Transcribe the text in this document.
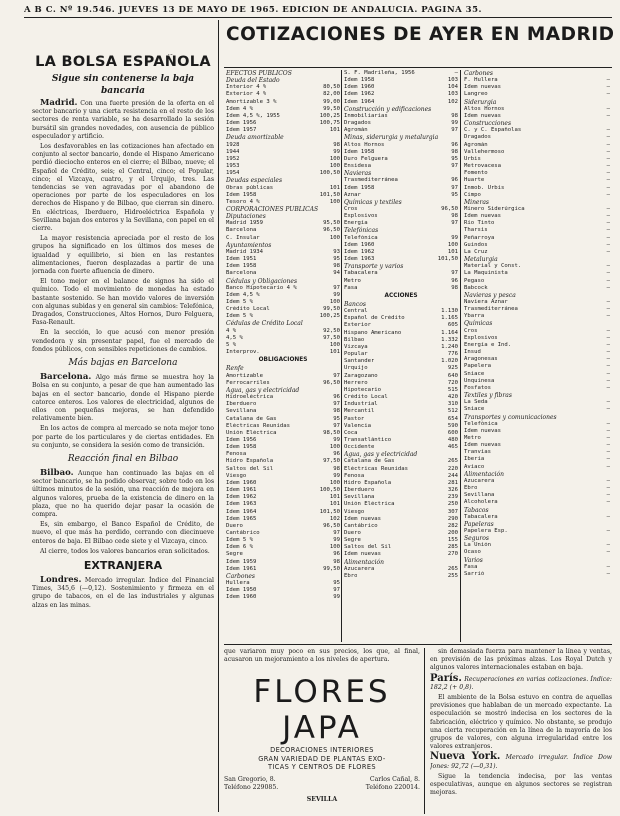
A B C. Nº 19.546. JUEVES 13 DE MAYO DE 1965. EDICION DE ANDALUCIA. PAGINA 35.
LA BOLSA ESPAÑOLA
Sigue sin contenerse la baja bancaria

Madrid. Con una fuerte presión de la oferta en el sector bancario y una cierta resistencia en el resto de los sectores de renta variable, se ha desarrollado la sesión bursátil sin grandes novedades, con ausencia de público especulador y artificio.

Los desfavorables en las cotizaciones han afectado en conjunto al sector bancario, donde el Hispano Americano perdió dieciocho enteros en el cierre; el Bilbao, nueve; el Español de Crédito, seis; el Central, cinco; el Popular, cinco; el Vizcaya, cuatro, y el Urquijo, tres. Las tendencias se ven agravadas por el abandono de operaciones por parte de los especuladores en los derechos de Hispano y de Bilbao, que cierran sin dinero. En eléctricas, Iberduero, Hidroeléctrica Española y Sevillana bajan dos enteros y la Sevillana, con papel en el cierre.

La mayor resistencia apreciada por el resto de los grupos ha significado en los últimos dos meses de igualdad y equilibrio, si bien en las restantes alimentaciones, fueron desplazadas a partir de una jornada con fuerte afluencia de dinero.

El tono mejor en el balance de signos ha sido el químico. Todo el movimiento de monedas ha estado bastante sostenido. Se han movido valores de inversión con algunas subidas y en general sin cambios: Telefónica, Dragados, Construcciones, Altos Hornos, Duro Felguera, Fasa-Renault.

En la sección, lo que acusó con menor presión vendedora y sin presentar papel, fue el mercado de fondos públicos, con sensibles repeticiones de cambios.

Más bajas en Barcelona

Barcelona. Algo más firme se muestra hoy la Bolsa en su conjunto, a pesar de que han aumentado las bajas en el sector bancario, donde el Hispano pierde catorce enteros. Los valores de electricidad, algunos de ellos con pequeñas mejoras, se han defendido relativamente bien.

En los actos de compra al mercado se nota mejor tono por parte de los particulares y de ciertas entidades. En su conjunto, se considera la sesión como de transición.

Reacción final en Bilbao

Bilbao. Aunque han continuado las bajas en el sector bancario, se ha podido observar, sobre todo en los últimos minutos de la sesión, una reacción de mejora en algunos valores, prueba de la existencia de dinero en la plaza, que no ha querido dejar pasar la ocasión de compra.

Es, sin embargo, el Banco Español de Crédito, de nuevo, el que más ha perdido, cerrando con diecinueve enteros de baja. El Bilbao cede siete y el Vizcaya, cinco.

Al cierre, todos los valores bancarios eran solicitados.

EXTRANJERA

Londres. Mercado irregular. Índice del Financial Times, 345,6 (—0,12). Sostenimiento y firmeza en el grupo de tabacos, en el de las industriales y algunas alzas en las minas.

COTIZACIONES DE AYER EN MADRID
EFECTOS PUBLICOS
Deuda del Estado
Interior 4 %	80,50
Exterior 4 %	82,00
Amortizable 3 %	99,00
Idem 4 %	99,50
Idem 4,5 %, 1955	100,25
Idem 1956	100,75
Idem 1957	101
Deuda amortizable
1928	98
1944	99
1952	100
1953	100
1954	100,50
Deudas especiales
Obras públicas	101
Idem 1958	101,50
Tesoro 4 %	100
CORPORACIONES PUBLICAS
Diputaciones
Madrid 1959	95,50
Barcelona	96,50
C. Insular	100
Ayuntamientos
Madrid 1934	93
Idem 1951	95
Idem 1958	98
Barcelona	94
Cédulas y Obligaciones
Banco Hipotecario 4 %	97
Idem 4,5 %	99
Idem 5 %	100
Crédito Local	99,50
Idem 5 %	100,25
Cédulas de Crédito Local
4 %	92,50
4,5 %	97,50
5 %	100
Interprov.	101
OBLIGACIONES
Renfe
Amortizable	97
Ferrocarriles	96,50
Agua, gas y electricidad
Hidroeléctrica	96
Iberduero	97
Sevillana	98
Catalana de Gas	95
Eléctricas Reunidas	97
Unión Eléctrica	98,50
Idem 1956	99
Idem 1958	100
Fenosa	96
Hidro Española	97,50
Saltos del Sil	98
Viesgo	99
Idem 1960	100
Idem 1961	100,50
Idem 1962	101
Idem 1963	101
Idem 1964	101,50
Idem 1965	102
Duero	96,50
Cantábrico	97
Idem 5 %	99
Idem 6 %	100
Segre	96
Idem 1959	98
Idem 1961	99,50
Carbones
Hullera	95
Idem 1950	97
Idem 1960	99
S. F. Madrileña, 1956	—
Idem 1958	103
Idem 1960	104
Idem 1962	103
Idem 1964	102
Construcción y edificaciones
Inmobiliarias	98
Dragados	99
Agromán	97
Minas, siderurgia y metalurgia
Altos Hornos	96
Idem 1958	98
Duro Felguera	95
Ensidesa	97
Navieras
Trasmediterránea	96
Idem 1958	97
Aznar	95
Químicas y textiles
Cros	96,50
Explosivos	98
Energía	97
Telefónicas
Telefónica	99
Idem 1960	100
Idem 1962	101
Idem 1963	101,50
Transporte y varios
Tabacalera	97
Metro	96
Fasa	98
ACCIONES
Bancos
Central	1.130
Español de Crédito	1.165
Exterior	605
Hispano Americano	1.164
Bilbao	1.332
Vizcaya	1.240
Popular	776
Santander	1.020
Urquijo	925
Zaragozano	640
Herrero	720
Hipotecario	515
Crédito Local	420
Industrial	310
Mercantil	512
Pastor	654
Valencia	590
Coca	600
Transatlántico	480
Occidente	465
Agua, gas y electricidad
Catalana de Gas	265
Eléctricas Reunidas	220
Fenosa	244
Hidro Española	281
Iberduero	326
Sevillana	239
Unión Eléctrica	250
Viesgo	307
Idem nuevas	290
Cantábrico	282
Duero	200
Segre	155
Saltos del Sil	285
Idem nuevas	270
Alimentación
Azucarera	265
Ebro	255
Carbones
F. Hullera	—
Idem nuevas	—
Langreo	—
Siderurgia
Altos Hornos	—
Idem nuevas	—
Construcciones
C. y C. Españolas	—
Dragados	—
Agromán	—
Vallehermoso	—
Urbis	—
Metrovacesa	—
Fomento	—
Huarte	—
Inmob. Urbis	—
Cimpo	—
Mineras
Minero Siderúrgica	—
Idem nuevas	—
Río Tinto	—
Tharsis	—
Peñarroya	—
Guindos	—
La Cruz	—
Metalurgia
Material y Const.	—
La Maquinista	—
Pegaso	—
Babcock	—
Navieras y pesca
Naviera Aznar	—
Trasmediterránea	—
Ybarra	—
Químicas
Cros	—
Explosivos	—
Energía e Ind.	—
Insud	—
Aragonesas	—
Papelera	—
Sniace	—
Unquinesa	—
Fosfatos	—
Textiles y fibras
La Seda	—
Sniace	—
Transportes y comunicaciones
Telefónica	—
Idem nuevas	—
Metro	—
Idem nuevas	—
Tranvías	—
Iberia	—
Aviaco	—
Alimentación
Azucarera	—
Ebro	—
Sevillana	—
Alcoholera	—
Tabacos
Tabacalera	—
Papeleras
Papelera Esp.	—
Seguros
La Unión	—
Ocaso	—
Varios
Fasa	—
Sarrió	—
que variaron muy poco en sus precios, los que, al final, acusaron un mejoramiento a los niveles de apertura.
FLORES JAPA
DECORACIONES INTERIORES
GRAN VARIEDAD DE PLANTAS EXO-
TICAS Y CENTROS DE FLORES
San Gregorio, 8.	Carlos Cañal, 8.
Teléfono 229085.	Teléfono 220014.
SEVILLA

sin demasiada fuerza para mantener la línea y ventas, en previsión de las próximas alzas. Los Royal Dutch y algunos valores internacionales estaban en baja.

París. Recuperaciones en varias cotizaciones. Índice: 182,2 (+ 0,8).

El ambiente de la Bolsa estuvo en contra de aquellas previsiones que hablaban de un mercado expectante. La especulación se mostró indecisa en los sectores de la fabricación, eléctrico y químico. No obstante, se produjo una cierta recuperación en la línea de la mayoría de los grupos de valores, con alguna irregularidad entre los valores extranjeros.

Nueva York. Mercado irregular. Índice Dow Jones: 92,72 (—0,31).

Sigue la tendencia indecisa, por las ventas especulativas, aunque en algunos sectores se registran mejoras.
